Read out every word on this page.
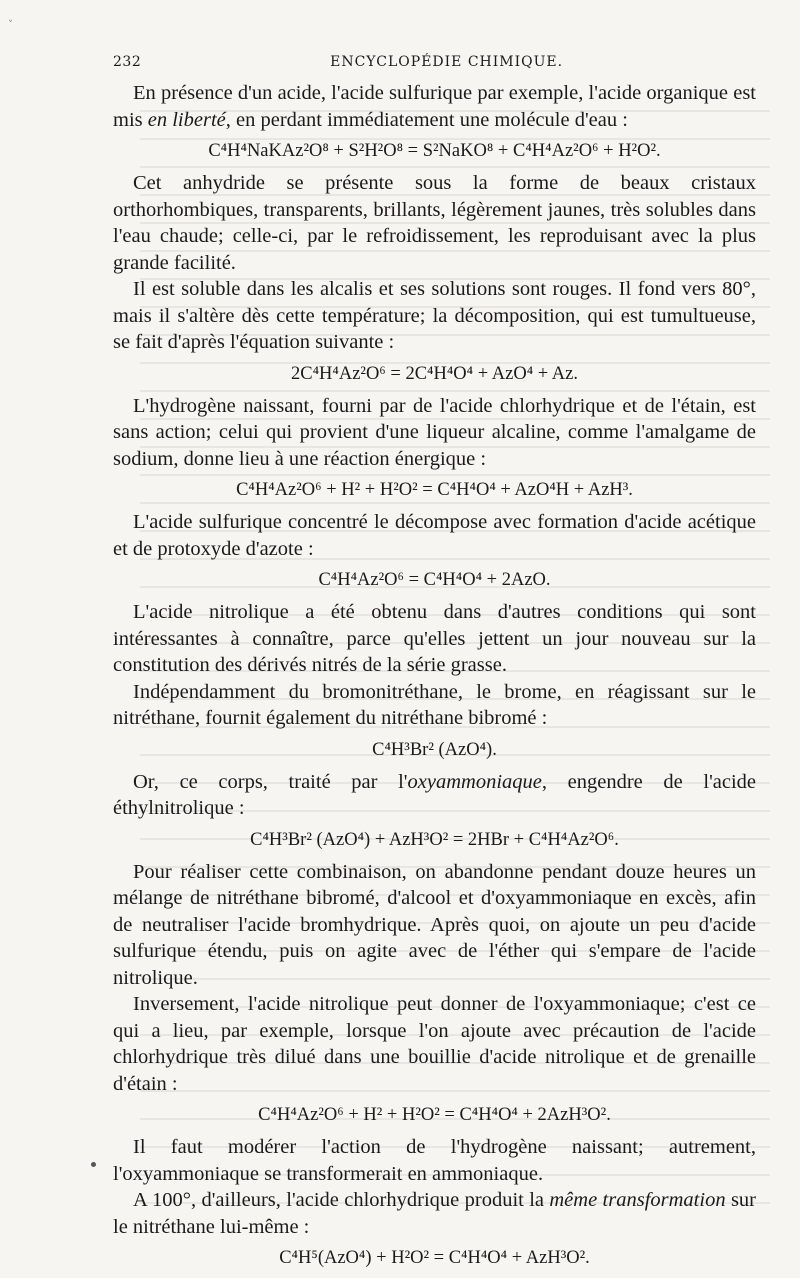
˅
232	ENCYCLOPÉDIE CHIMIQUE.

En présence d'un acide, l'acide sulfurique par exemple, l'acide organique est mis en liberté, en perdant immédiatement une molécule d'eau :

C⁴H⁴NaKAz²O⁸ + S²H²O⁸ = S²NaKO⁸ + C⁴H⁴Az²O⁶ + H²O².

Cet anhydride se présente sous la forme de beaux cristaux orthorhombiques, transparents, brillants, légèrement jaunes, très solubles dans l'eau chaude; celle-ci, par le refroidissement, les reproduisant avec la plus grande facilité.

Il est soluble dans les alcalis et ses solutions sont rouges. Il fond vers 80°, mais il s'altère dès cette température; la décomposition, qui est tumultueuse, se fait d'après l'équation suivante :

2C⁴H⁴Az²O⁶ = 2C⁴H⁴O⁴ + AzO⁴ + Az.

L'hydrogène naissant, fourni par de l'acide chlorhydrique et de l'étain, est sans action; celui qui provient d'une liqueur alcaline, comme l'amalgame de sodium, donne lieu à une réaction énergique :

C⁴H⁴Az²O⁶ + H² + H²O² = C⁴H⁴O⁴ + AzO⁴H + AzH³.

L'acide sulfurique concentré le décompose avec formation d'acide acétique et de protoxyde d'azote :

C⁴H⁴Az²O⁶ = C⁴H⁴O⁴ + 2AzO.

L'acide nitrolique a été obtenu dans d'autres conditions qui sont intéressantes à connaître, parce qu'elles jettent un jour nouveau sur la constitution des dérivés nitrés de la série grasse.

Indépendamment du bromonitréthane, le brome, en réagissant sur le nitréthane, fournit également du nitréthane bibromé :

C⁴H³Br² (AzO⁴).

Or, ce corps, traité par l'oxyammoniaque, engendre de l'acide éthylnitrolique :

C⁴H³Br² (AzO⁴) + AzH³O² = 2HBr + C⁴H⁴Az²O⁶.

Pour réaliser cette combinaison, on abandonne pendant douze heures un mélange de nitréthane bibromé, d'alcool et d'oxyammoniaque en excès, afin de neutraliser l'acide bromhydrique. Après quoi, on ajoute un peu d'acide sulfurique étendu, puis on agite avec de l'éther qui s'empare de l'acide nitrolique.

Inversement, l'acide nitrolique peut donner de l'oxyammoniaque; c'est ce qui a lieu, par exemple, lorsque l'on ajoute avec précaution de l'acide chlorhydrique très dilué dans une bouillie d'acide nitrolique et de grenaille d'étain :

C⁴H⁴Az²O⁶ + H² + H²O² = C⁴H⁴O⁴ + 2AzH³O².

Il faut modérer l'action de l'hydrogène naissant; autrement, l'oxyammoniaque se transformerait en ammoniaque.

A 100°, d'ailleurs, l'acide chlorhydrique produit la même transformation sur le nitréthane lui-même :

C⁴H⁵(AzO⁴) + H²O² = C⁴H⁴O⁴ + AzH³O².
